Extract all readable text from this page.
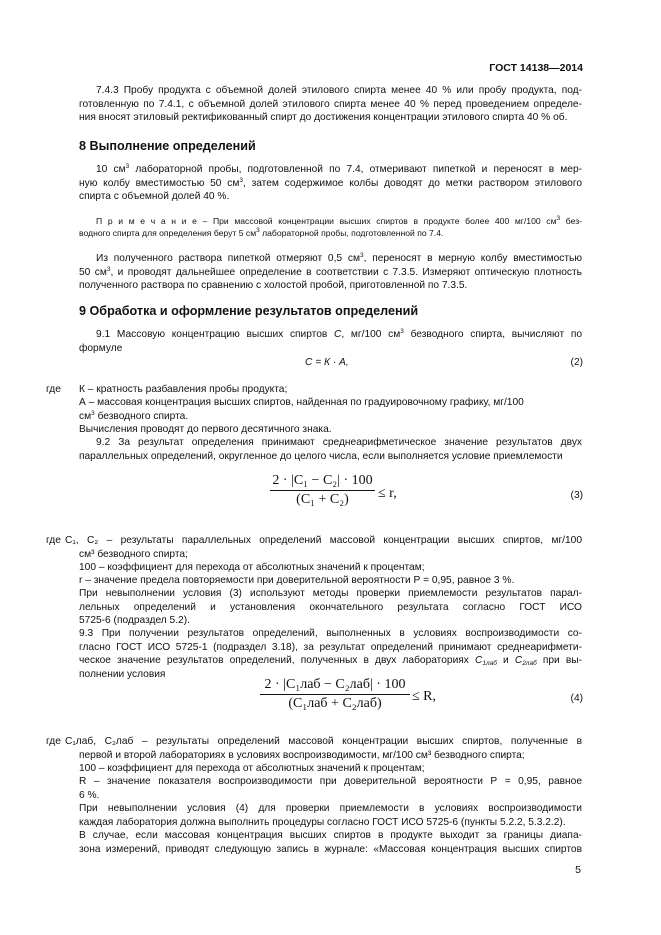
ГОСТ 14138—2014
7.4.3 Пробу продукта с объемной долей этилового спирта менее 40 % или пробу продукта, под-
готовленную по 7.4.1, с объемной долей этилового спирта менее 40 % перед проведением определе-
ния вносят этиловый ректификованный спирт до достижения концентрации этилового спирта 40 % об.
8 Выполнение определений
10 $см^3$ лабораторной пробы, подготовленной по 7.4, отмеривают пипеткой и переносят в мер-
ную колбу вместимостью 50 $см^3$, затем содержимое колбы доводят до метки раствором этилового
спирта с объемной долей 40 %.
П р и м е ч а н и е – При массовой концентрации высших спиртов в продукте более 400 мг/100 $см^3$ без-
водного спирта для определения берут 5 $см^3$ лабораторной пробы, подготовленной по 7.4.
Из полученного раствора пипеткой отмеряют 0,5 $см^3$, переносят в мерную колбу вместимостью
50 $см^3$, и проводят дальнейшее определение в соответствии с 7.3.5. Измеряют оптическую плотность
полученного раствора по сравнению с холостой пробой, приготовленной по 7.3.5.
9 Обработка и оформление результатов определений
9.1 Массовую концентрацию высших спиртов С, мг/100 $см^3$ безводного спирта, вычисляют по
формуле
С = К · А,	(2)
где К – кратность разбавления пробы продукта;
А – массовая концентрация высших спиртов, найденная по градуировочному графику, мг/100
$см^3$ безводного спирта.
Вычисления проводят до первого десятичного знака.
9.2 За результат определения принимают среднеарифметическое значение результатов двух
параллельных определений, округленное до целого числа, если выполняется условие приемлемости
2 · |C₁ − C₂| · 100
(C₁ + C₂)	≤ r,	(3)
где С₁, С₂ – результаты параллельных определений массовой концентрации высших спиртов, мг/100
см³ безводного спирта;
100 – коэффициент для перехода от абсолютных значений к процентам;
r – значение предела повторяемости при доверительной вероятности Р = 0,95, равное 3 %.
При невыполнении условия (3) используют методы проверки приемлемости результатов парал-
лельных определений и установления окончательного результата согласно ГОСТ ИСО
5725-6 (подраздел 5.2).
9.3 При получении результатов определений, выполненных в условиях воспроизводимости со-
гласно ГОСТ ИСО 5725-1 (подраздел 3.18), за результат определений принимают среднеарифмети-
ческое значение результатов определений, полученных в двух лабораториях $C_{1лаб}$ и $C_{2лаб}$ при вы-
полнении условия
2 · |C₁лаб − C₂лаб| · 100
(C₁лаб + C₂лаб)	≤ R,	(4)
где С₁лаб, С₂лаб – результаты определений массовой концентрации высших спиртов, полученные в
первой и второй лабораториях в условиях воспроизводимости, мг/100 см³ безводного спирта;
100 – коэффициент для перехода от абсолютных значений к процентам;
R – значение показателя воспроизводимости при доверительной вероятности Р = 0,95, равное
6 %.
При невыполнении условия (4) для проверки приемлемости в условиях воспроизводимости
каждая лаборатория должна выполнить процедуры согласно ГОСТ ИСО 5725-6 (пункты 5.2.2, 5.3.2.2).
В случае, если массовая концентрация высших спиртов в продукте выходит за границы диапа-
зона измерений, приводят следующую запись в журнале: «Массовая концентрация высших спиртов
5
